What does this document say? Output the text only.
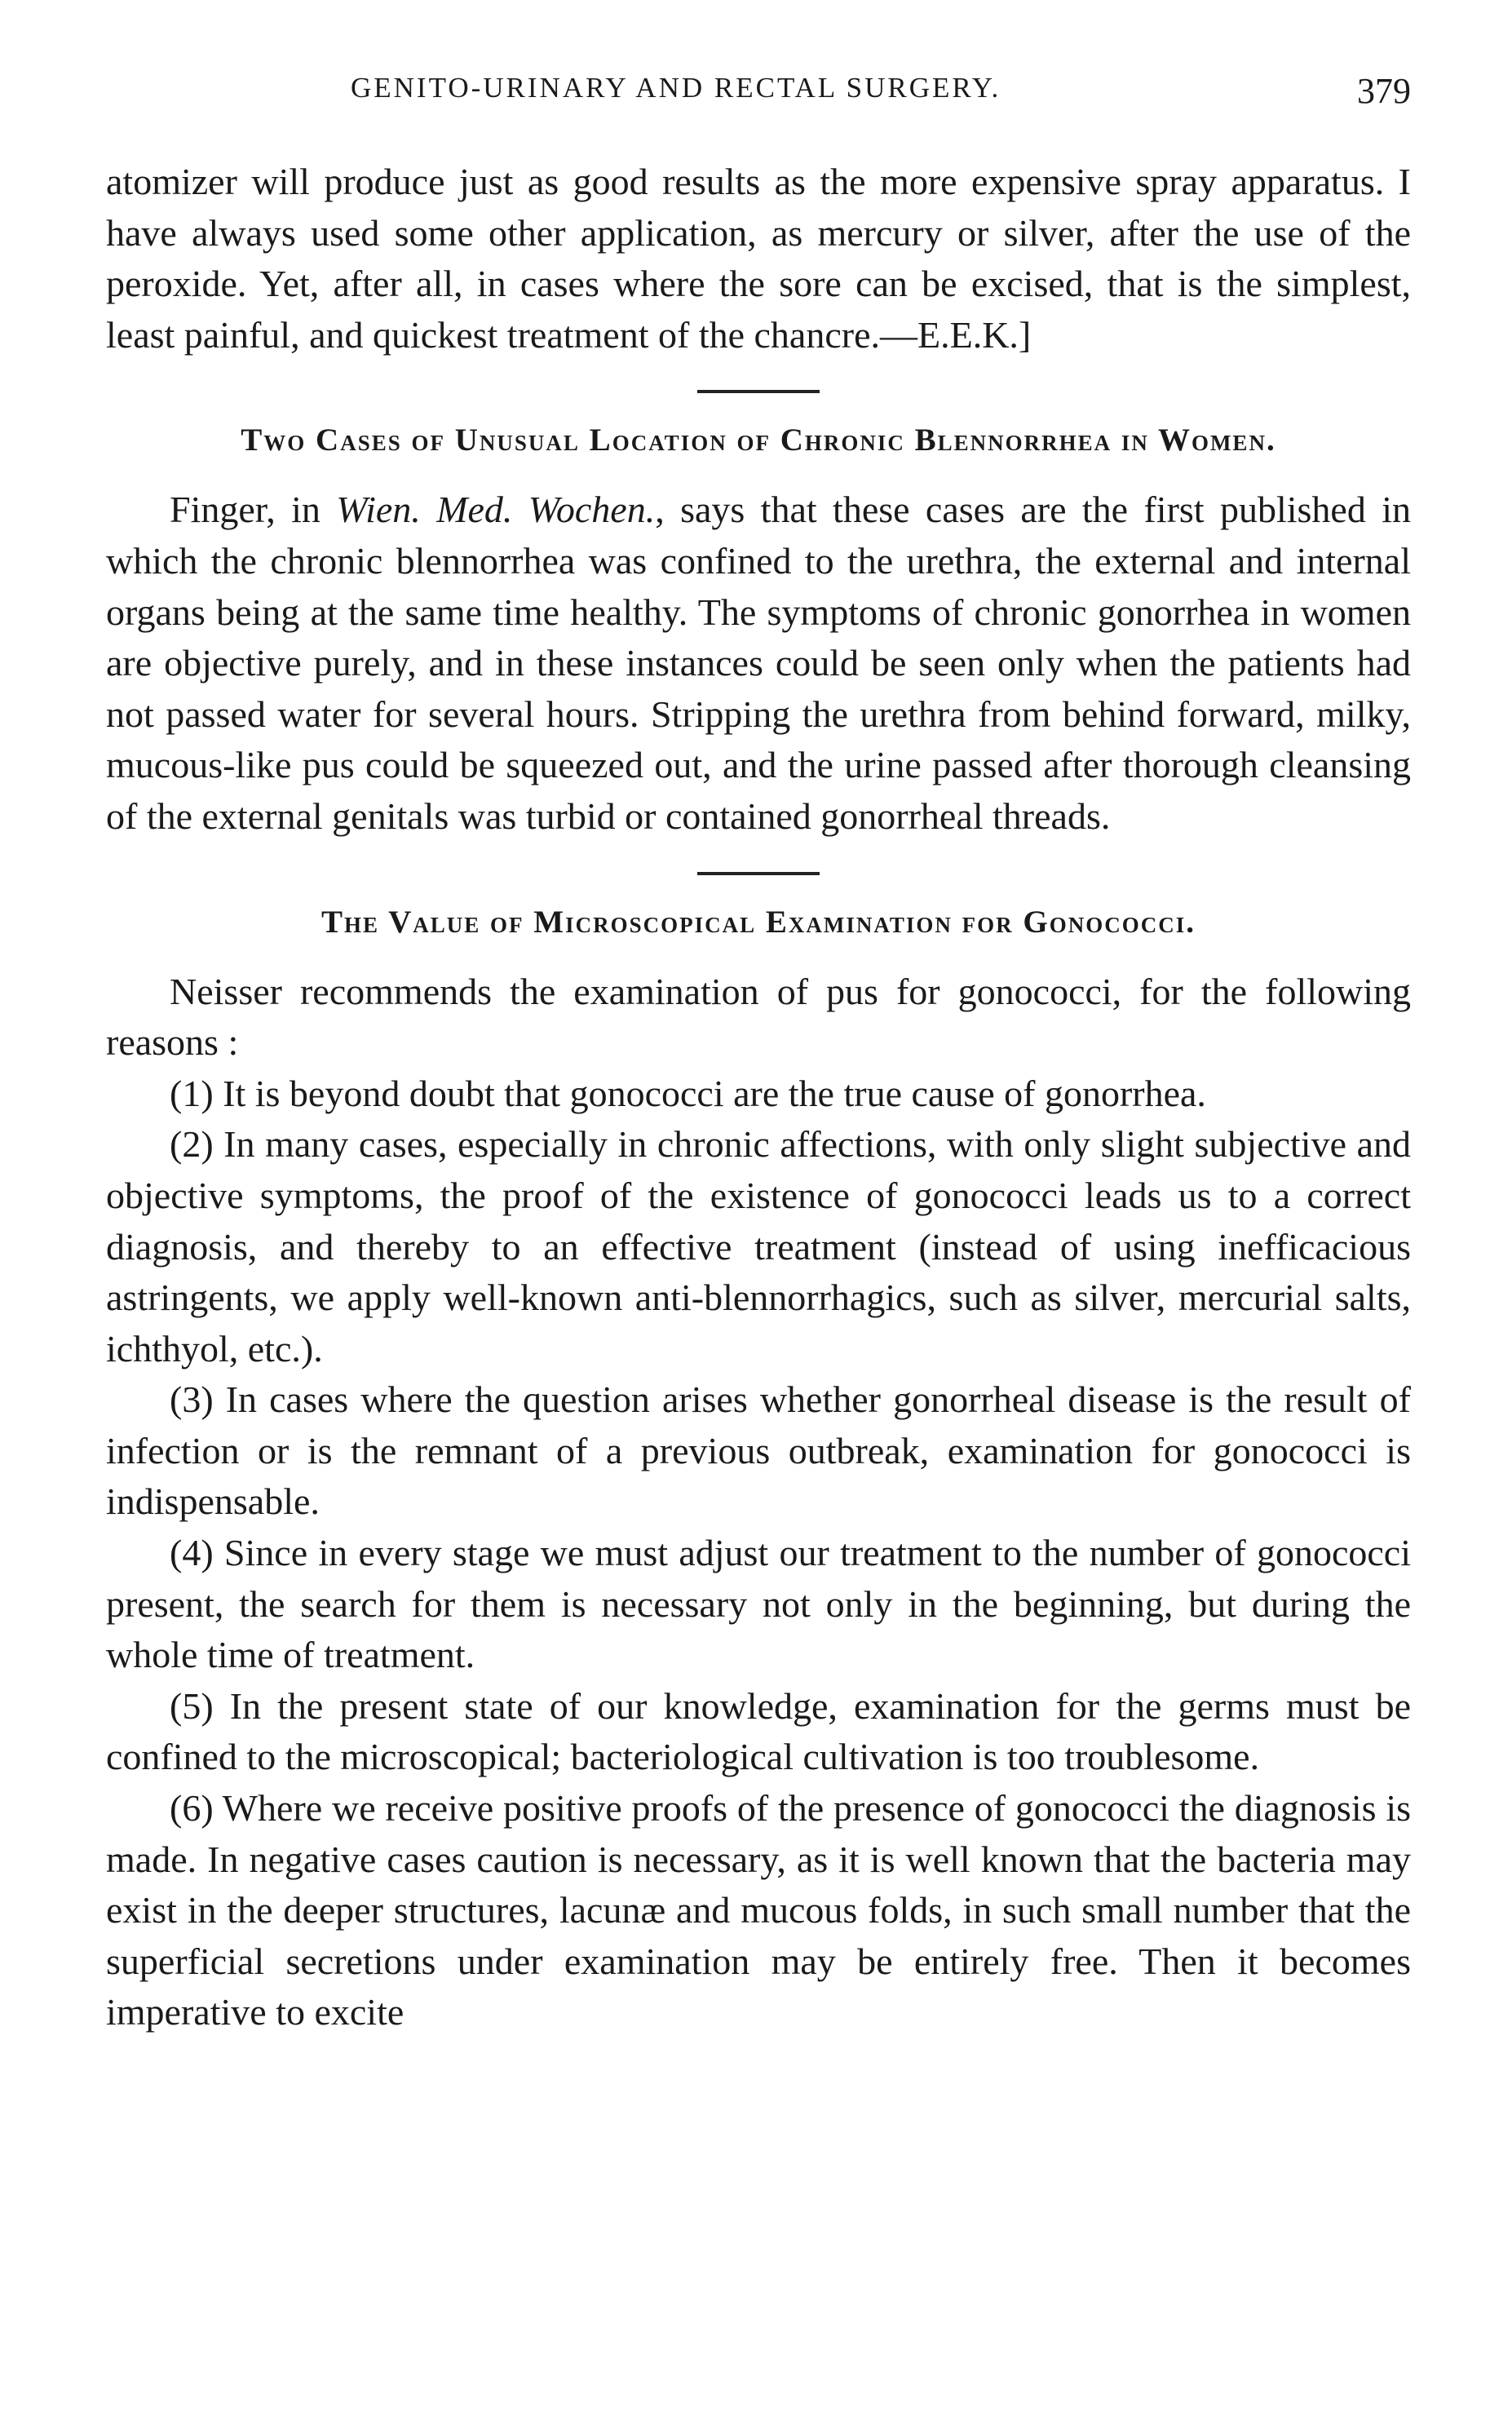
GENITO-URINARY AND RECTAL SURGERY.	379

atomizer will produce just as good results as the more expensive spray apparatus. I have always used some other application, as mercury or silver, after the use of the peroxide. Yet, after all, in cases where the sore can be excised, that is the simplest, least painful, and quickest treatment of the chancre.—E.E.K.]

Two Cases of Unusual Location of Chronic Blennorrhea in Women.

Finger, in Wien. Med. Wochen., says that these cases are the first published in which the chronic blennorrhea was confined to the urethra, the external and internal organs being at the same time healthy. The symptoms of chronic gonorrhea in women are objective purely, and in these instances could be seen only when the patients had not passed water for several hours. Stripping the urethra from behind forward, milky, mucous-like pus could be squeezed out, and the urine passed after thorough cleansing of the external genitals was turbid or contained gonorrheal threads.

The Value of Microscopical Examination for Gonococci.

Neisser recommends the examination of pus for gonococci, for the following reasons :

(1) It is beyond doubt that gonococci are the true cause of gonorrhea.

(2) In many cases, especially in chronic affections, with only slight subjective and objective symptoms, the proof of the existence of gonococci leads us to a correct diagnosis, and thereby to an effective treatment (instead of using inefficacious astringents, we apply well-known anti-blennorrhagics, such as silver, mercurial salts, ichthyol, etc.).

(3) In cases where the question arises whether gonorrheal disease is the result of infection or is the remnant of a previous outbreak, examination for gonococci is indispensable.

(4) Since in every stage we must adjust our treatment to the number of gonococci present, the search for them is necessary not only in the beginning, but during the whole time of treatment.

(5) In the present state of our knowledge, examination for the germs must be confined to the microscopical; bacteriological cultivation is too troublesome.

(6) Where we receive positive proofs of the presence of gonococci the diagnosis is made. In negative cases caution is necessary, as it is well known that the bacteria may exist in the deeper structures, lacunæ and mucous folds, in such small number that the superficial secretions under examination may be entirely free. Then it becomes imperative to excite
